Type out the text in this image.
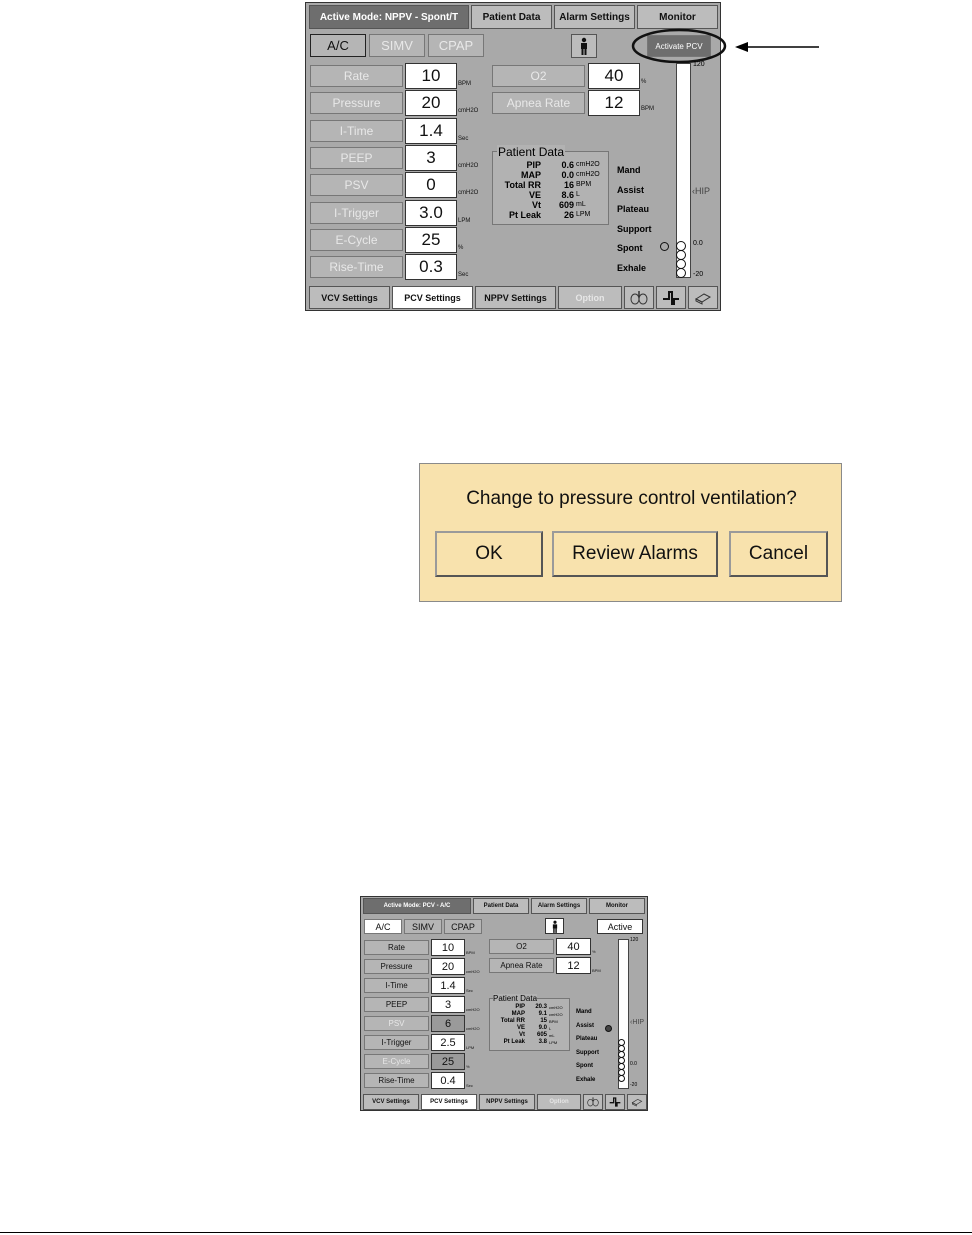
Active Mode: NPPV - Spont/T	Patient Data	Alarm Settings	Monitor
A/C	SIMV	CPAP	Activate PCV
O2	40	%
Apnea Rate	12	BPM
Patient Data
PIP	0.6 cmH2O
MAP	0.0 cmH2O
Total RR	16 BPM
VE	8.6 L
Vt	609 mL
Pt Leak	26 LPM
120
0.0
-20
‹HIP
VCV Settings	PCV Settings	NPPV Settings	Option
Rate	10	BPM
Pressure	20	cmH2O
I-Time	1.4	Sec
PEEP	3	cmH2O
PSV	0	cmH2O
I-Trigger	3.0	LPM
E-Cycle	25	%
Rise-Time	0.3	Sec
Mand
Assist
Plateau
Support
Spont
Exhale
Change to pressure control ventilation?
OK	Review Alarms	Cancel
Active Mode: PCV - A/C	Patient Data	Alarm Settings	Monitor
A/C	SIMV	CPAP	Active
O2	40	%
Apnea Rate	12	BPM
Patient Data
PIP	20.3 cmH2O
MAP	9.1 cmH2O
Total RR	15 BPM
VE	9.0 L
Vt	605 mL
Pt Leak	3.8 LPM
120
0.0
-20
‹HIP
VCV Settings	PCV Settings	NPPV Settings	Option
Rate	10	BPM
Pressure	20	cmH2O
I-Time	1.4	Sec
PEEP	3	cmH2O
PSV	6	cmH2O
I-Trigger	2.5	LPM
E-Cycle	25	%
Rise-Time	0.4	Sec
Mand
Assist
Plateau
Support
Spont
Exhale
